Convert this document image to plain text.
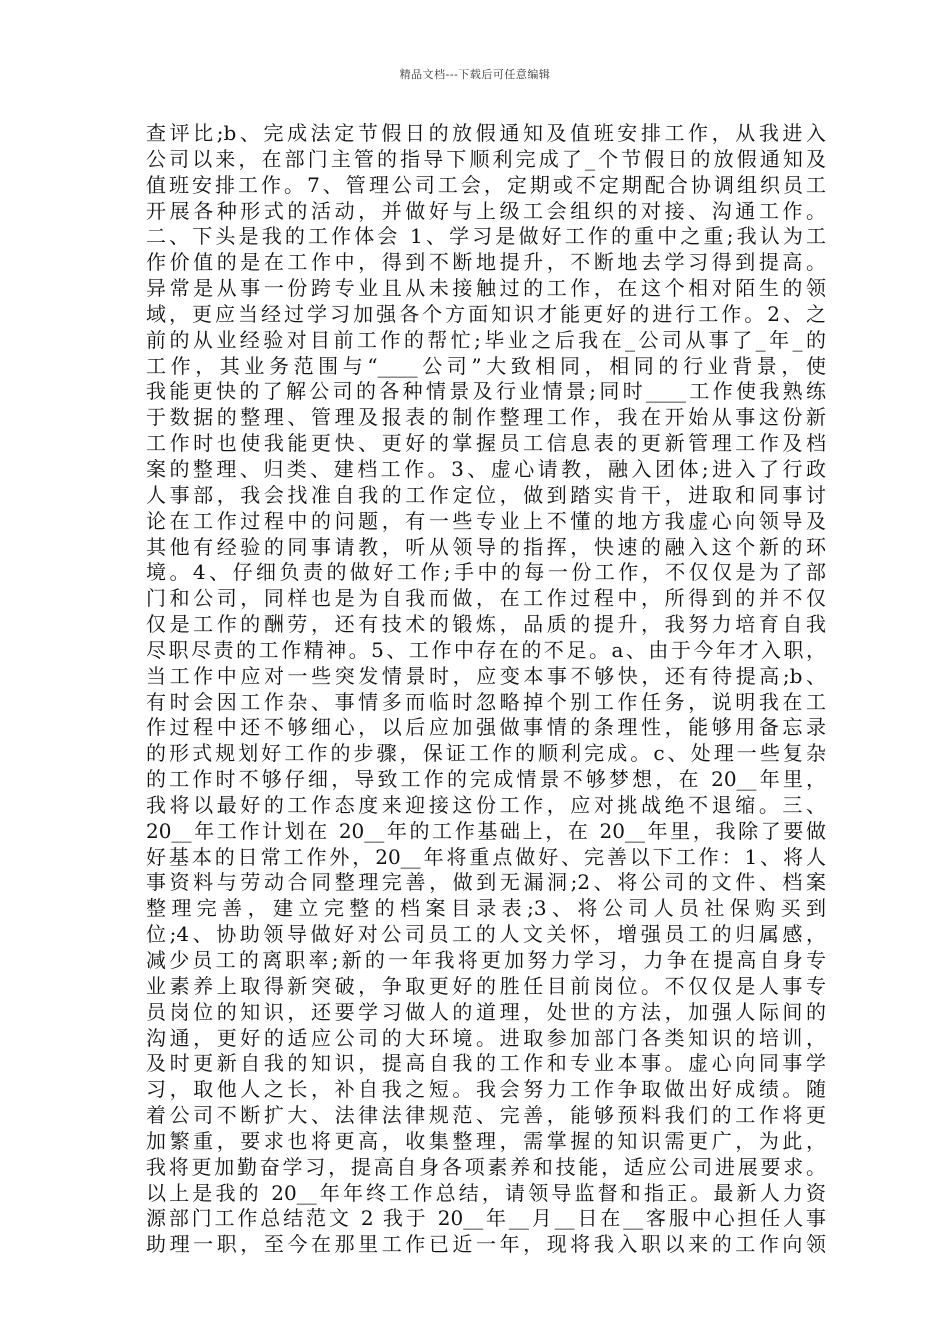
精品文档---下载后可任意编辑
查评比;b、完成法定节假日的放假通知及值班安排工作，从我进入
公司以来，在部门主管的指导下顺利完成了_个节假日的放假通知及
值班安排工作。7、管理公司工会，定期或不定期配合协调组织员工
开展各种形式的活动，并做好与上级工会组织的对接、沟通工作。
二、下头是我的工作体会 1、学习是做好工作的重中之重;我认为工
作价值的是在工作中，得到不断地提升，不断地去学习得到提高。
异常是从事一份跨专业且从未接触过的工作，在这个相对陌生的领
域，更应当经过学习加强各个方面知识才能更好的进行工作。2、之
前的从业经验对目前工作的帮忙;毕业之后我在_公司从事了_年_的
工作，其业务范围与“____公司”大致相同，相同的行业背景，使
我能更快的了解公司的各种情景及行业情景;同时____工作使我熟练
于数据的整理、管理及报表的制作整理工作，我在开始从事这份新
工作时也使我能更快、更好的掌握员工信息表的更新管理工作及档
案的整理、归类、建档工作。3、虚心请教，融入团体;进入了行政
人事部，我会找准自我的工作定位，做到踏实肯干，进取和同事讨
论在工作过程中的问题，有一些专业上不懂的地方我虚心向领导及
其他有经验的同事请教，听从领导的指挥，快速的融入这个新的环
境。4、仔细负责的做好工作;手中的每一份工作，不仅仅是为了部
门和公司，同样也是为自我而做，在工作过程中，所得到的并不仅
仅是工作的酬劳，还有技术的锻炼，品质的提升，我努力培育自我
尽职尽责的工作精神。5、工作中存在的不足。a、由于今年才入职，
当工作中应对一些突发情景时，应变本事不够快，还有待提高;b、
有时会因工作杂、事情多而临时忽略掉个别工作任务，说明我在工
作过程中还不够细心，以后应加强做事情的条理性，能够用备忘录
的形式规划好工作的步骤，保证工作的顺利完成。c、处理一些复杂
的工作时不够仔细，导致工作的完成情景不够梦想，在 20__年里，
我将以最好的工作态度来迎接这份工作，应对挑战绝不退缩。三、
20__年工作计划在 20__年的工作基础上，在 20__年里，我除了要做
好基本的日常工作外，20__年将重点做好、完善以下工作：1、将人
事资料与劳动合同整理完善，做到无漏洞;2、将公司的文件、档案
整理完善，建立完整的档案目录表;3、将公司人员社保购买到
位;4、协助领导做好对公司员工的人文关怀，增强员工的归属感，
减少员工的离职率;新的一年我将更加努力学习，力争在提高自身专
业素养上取得新突破，争取更好的胜任目前岗位。不仅仅是人事专
员岗位的知识，还要学习做人的道理，处世的方法，加强人际间的
沟通，更好的适应公司的大环境。进取参加部门各类知识的培训，
及时更新自我的知识，提高自我的工作和专业本事。虚心向同事学
习，取他人之长，补自我之短。我会努力工作争取做出好成绩。随
着公司不断扩大、法律法律规范、完善，能够预料我们的工作将更
加繁重，要求也将更高，收集整理，需掌握的知识需更广，为此，
我将更加勤奋学习，提高自身各项素养和技能，适应公司进展要求。
以上是我的 20__年年终工作总结，请领导监督和指正。最新人力资
源部门工作总结范文 2 我于 20__年__月__日在__客服中心担任人事
助理一职，至今在那里工作已近一年，现将我入职以来的工作向领
